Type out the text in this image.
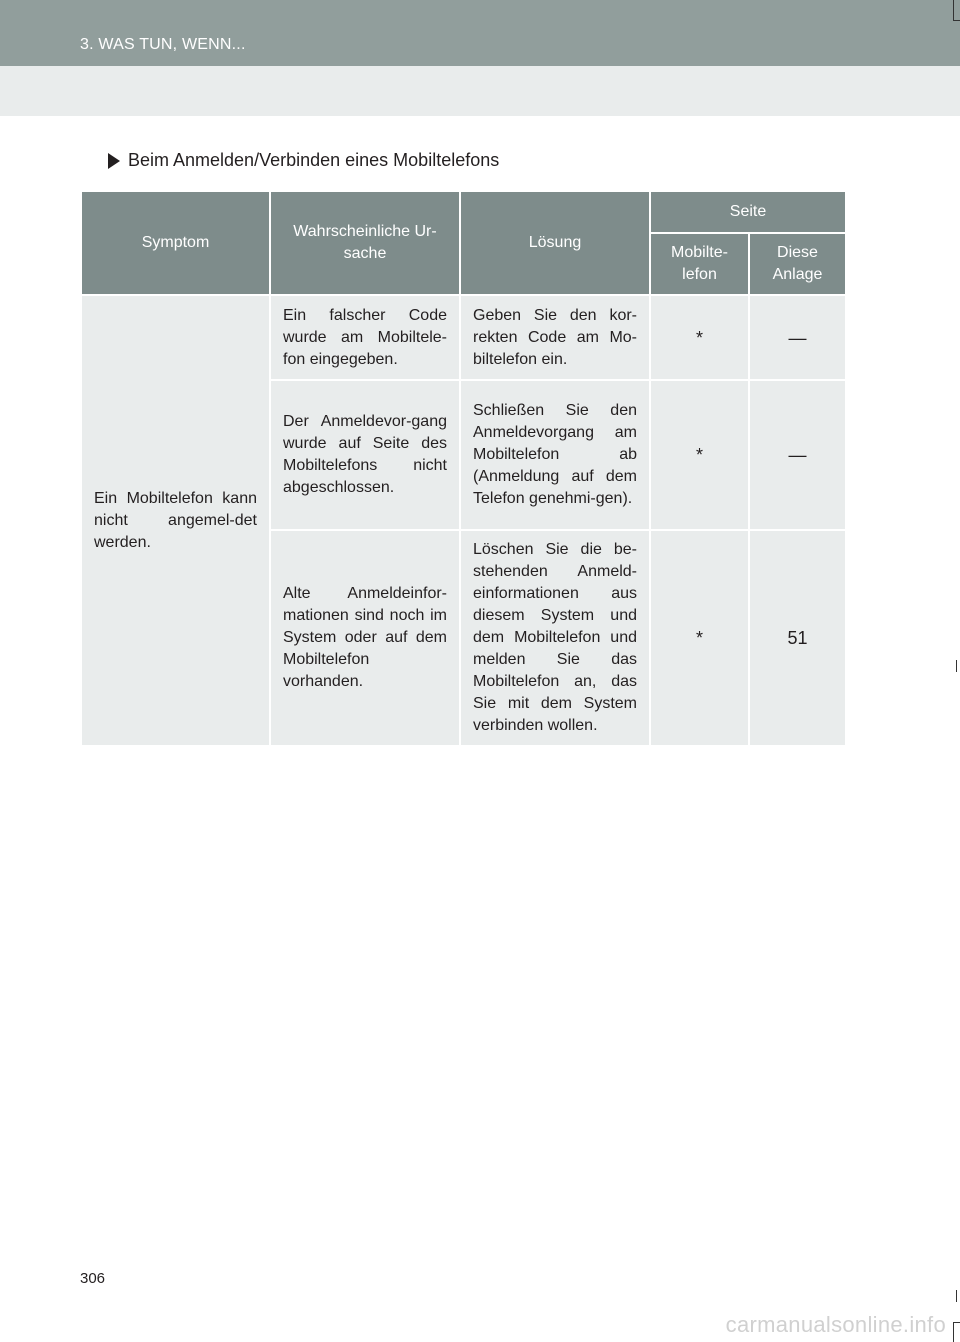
3. WAS TUN, WENN...
Beim Anmelden/Verbinden eines Mobiltelefons
Symptom	Wahrscheinliche Ur-sache	Lösung	Seite	
			Mobilte-lefon	Diese Anlage
Ein Mobiltelefon kann nicht angemel-det werden.	Ein falscher Code wurde am Mobiltele-fon eingegeben.	Geben Sie den kor-rekten Code am Mo-biltelefon ein.	*	—
	Der Anmeldevor-gang wurde auf Seite des Mobiltelefons nicht abgeschlossen.	Schließen Sie den Anmeldevorgang am Mobiltelefon ab (Anmeldung auf dem Telefon genehmi-gen).	*	—
	Alte Anmeldeinfor-mationen sind noch im System oder auf dem Mobiltelefon vorhanden.	Löschen Sie die be-stehenden Anmeld-einformationen aus diesem System und dem Mobiltelefon und melden Sie das Mobiltelefon an, das Sie mit dem System verbinden wollen.	*	51
306
carmanualsonline.info
